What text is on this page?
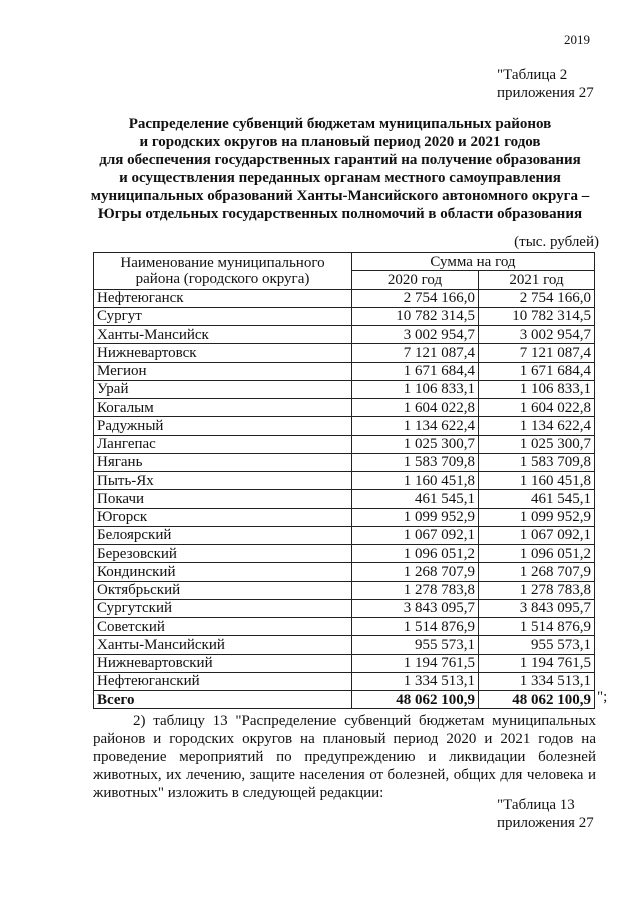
2019
"Таблица 2
приложения 27
Распределение субвенций бюджетам муниципальных районов
и городских округов на плановый период 2020 и 2021 годов
для обеспечения государственных гарантий на получение образования
и осуществления переданных органам местного самоуправления
муниципальных образований Ханты-Мансийского автономного округа –
Югры отдельных государственных полномочий в области образования
(тыс. рублей)
Наименование муниципального
района (городского округа)	Сумма на год	
	2020 год	2021 год
Нефтеюганск	2 754 166,0	2 754 166,0
Сургут	10 782 314,5	10 782 314,5
Ханты-Мансийск	3 002 954,7	3 002 954,7
Нижневартовск	7 121 087,4	7 121 087,4
Мегион	1 671 684,4	1 671 684,4
Урай	1 106 833,1	1 106 833,1
Когалым	1 604 022,8	1 604 022,8
Радужный	1 134 622,4	1 134 622,4
Лангепас	1 025 300,7	1 025 300,7
Нягань	1 583 709,8	1 583 709,8
Пыть-Ях	1 160 451,8	1 160 451,8
Покачи	461 545,1	461 545,1
Югорск	1 099 952,9	1 099 952,9
Белоярский	1 067 092,1	1 067 092,1
Березовский	1 096 051,2	1 096 051,2
Кондинский	1 268 707,9	1 268 707,9
Октябрьский	1 278 783,8	1 278 783,8
Сургутский	3 843 095,7	3 843 095,7
Советский	1 514 876,9	1 514 876,9
Ханты-Мансийский	955 573,1	955 573,1
Нижневартовский	1 194 761,5	1 194 761,5
Нефтеюганский	1 334 513,1	1 334 513,1
Всего	48 062 100,9	48 062 100,9 ";
2) таблицу 13 "Распределение субвенций бюджетам муниципальных районов и городских округов на плановый период 2020 и 2021 годов на проведение мероприятий по предупреждению и ликвидации болезней животных, их лечению, защите населения от болезней, общих для человека и животных" изложить в следующей редакции:
"Таблица 13
приложения 27
